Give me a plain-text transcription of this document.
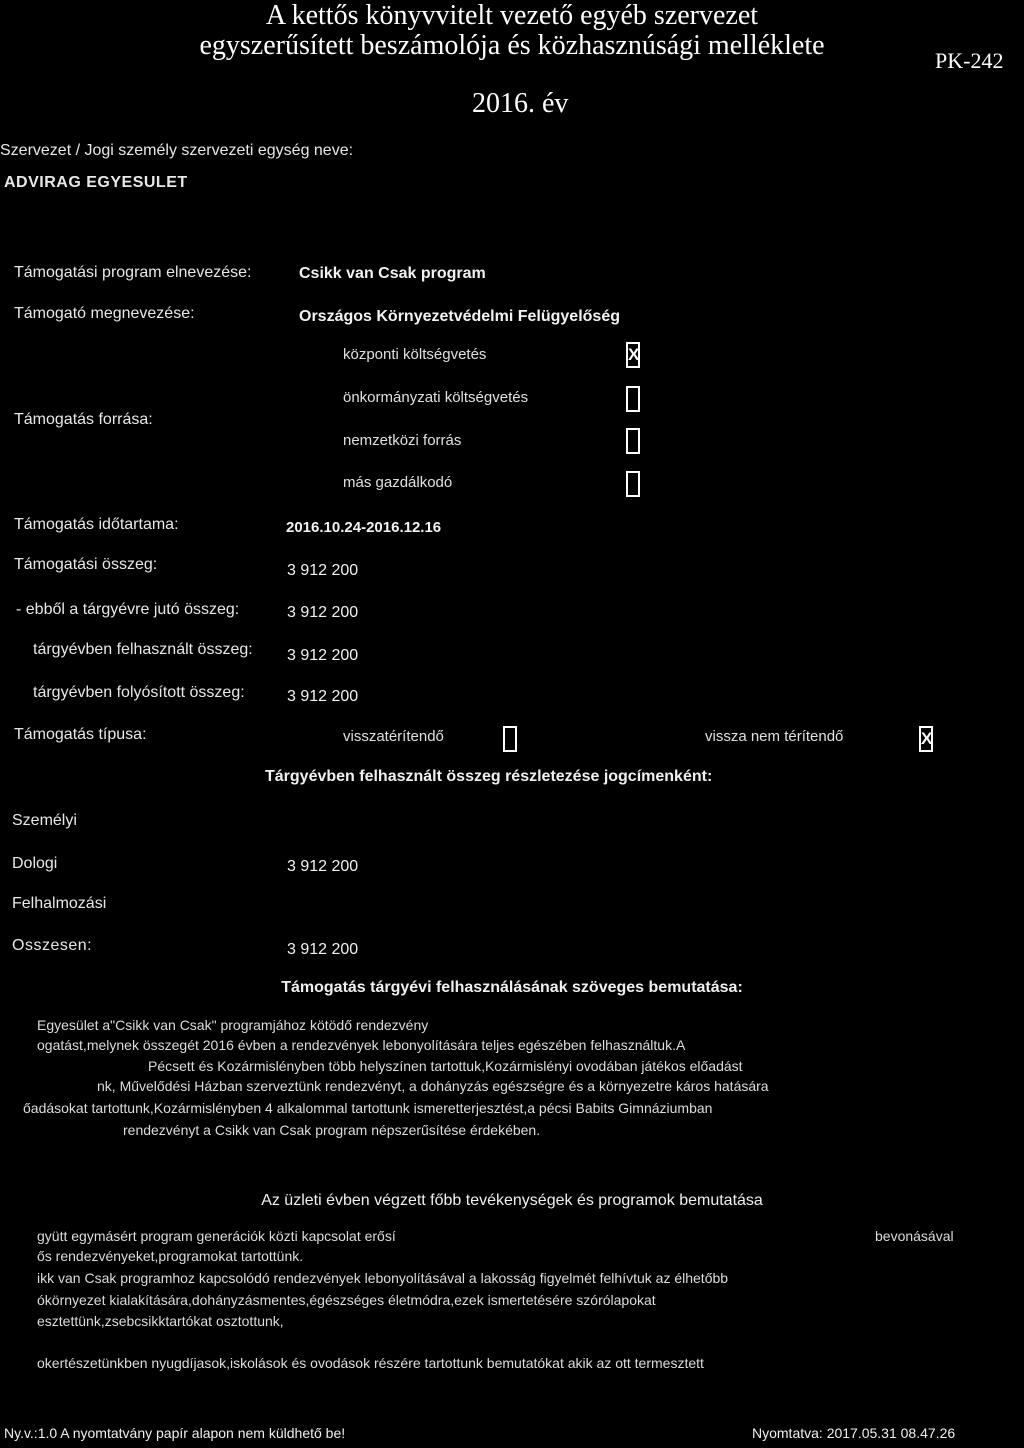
A kettős könyvvitelt vezető egyéb szervezet
egyszerűsített beszámolója és közhasznúsági melléklete	PK-242
2016. év
Szervezet / Jogi személy szervezeti egység neve:
ADVIRAG EGYESULET
Támogatási program elnevezése:	Csikk van Csak program
Támogató megnevezése:	Országos Környezetvédelmi Felügyelőség
Támogatás forrása:
központi költségvetés	X
önkormányzati költségvetés
nemzetközi forrás
más gazdálkodó
Támogatás időtartama:	2016.10.24-2016.12.16
Támogatási összeg:	3 912 200
- ebből a tárgyévre jutó összeg:	3 912 200
tárgyévben felhasznált összeg: 3 912 200
tárgyévben folyósított összeg:	3 912 200
Támogatás típusa:	visszatérítendő	vissza nem térítendő	X
Tárgyévben felhasznált összeg részletezése jogcímenként:
Személyi
Dologi	3 912 200
Felhalmozási
Osszesen:	3 912 200
Támogatás tárgyévi felhasználásának szöveges bemutatása:
Egyesület a"Csikk van Csak" programjához kötödő rendezvény
ogatást,melynek összegét 2016 évben a rendezvények lebonyolítására teljes egészében felhasználtuk.A
Pécsett és Kozármislényben több helyszínen tartottuk,Kozármislényi ovodában játékos előadást
nk, Művelődési Házban szerveztünk rendezvényt, a dohányzás egészségre és a környezetre káros hatására
őadásokat tartottunk,Kozármislényben 4 alkalommal tartottunk ismeretterjesztést,a pécsi Babits Gimnáziumban
rendezvényt a Csikk van Csak program népszerűsítése érdekében.
Az üzleti évben végzett főbb tevékenységek és programok bemutatása
gyütt egymásért program generációk közti kapcsolat erősí	bevonásával
ős rendezvényeket,programokat tartottünk.
ikk van Csak programhoz kapcsolódó rendezvények lebonyolításával a lakosság figyelmét felhívtuk az élhetőbb
ókörnyezet kialakítására,dohányzásmentes,égészséges életmódra,ezek ismertetésére szórólapokat
esztettünk,zsebcsikktartókat osztottunk,
okertészetünkben nyugdíjasok,iskolások és ovodások részére tartottunk bemutatókat akik az ott termesztett
Ny.v.:1.0 A nyomtatvány papír alapon nem küldhető be!	Nyomtatva: 2017.05.31 08.47.26
